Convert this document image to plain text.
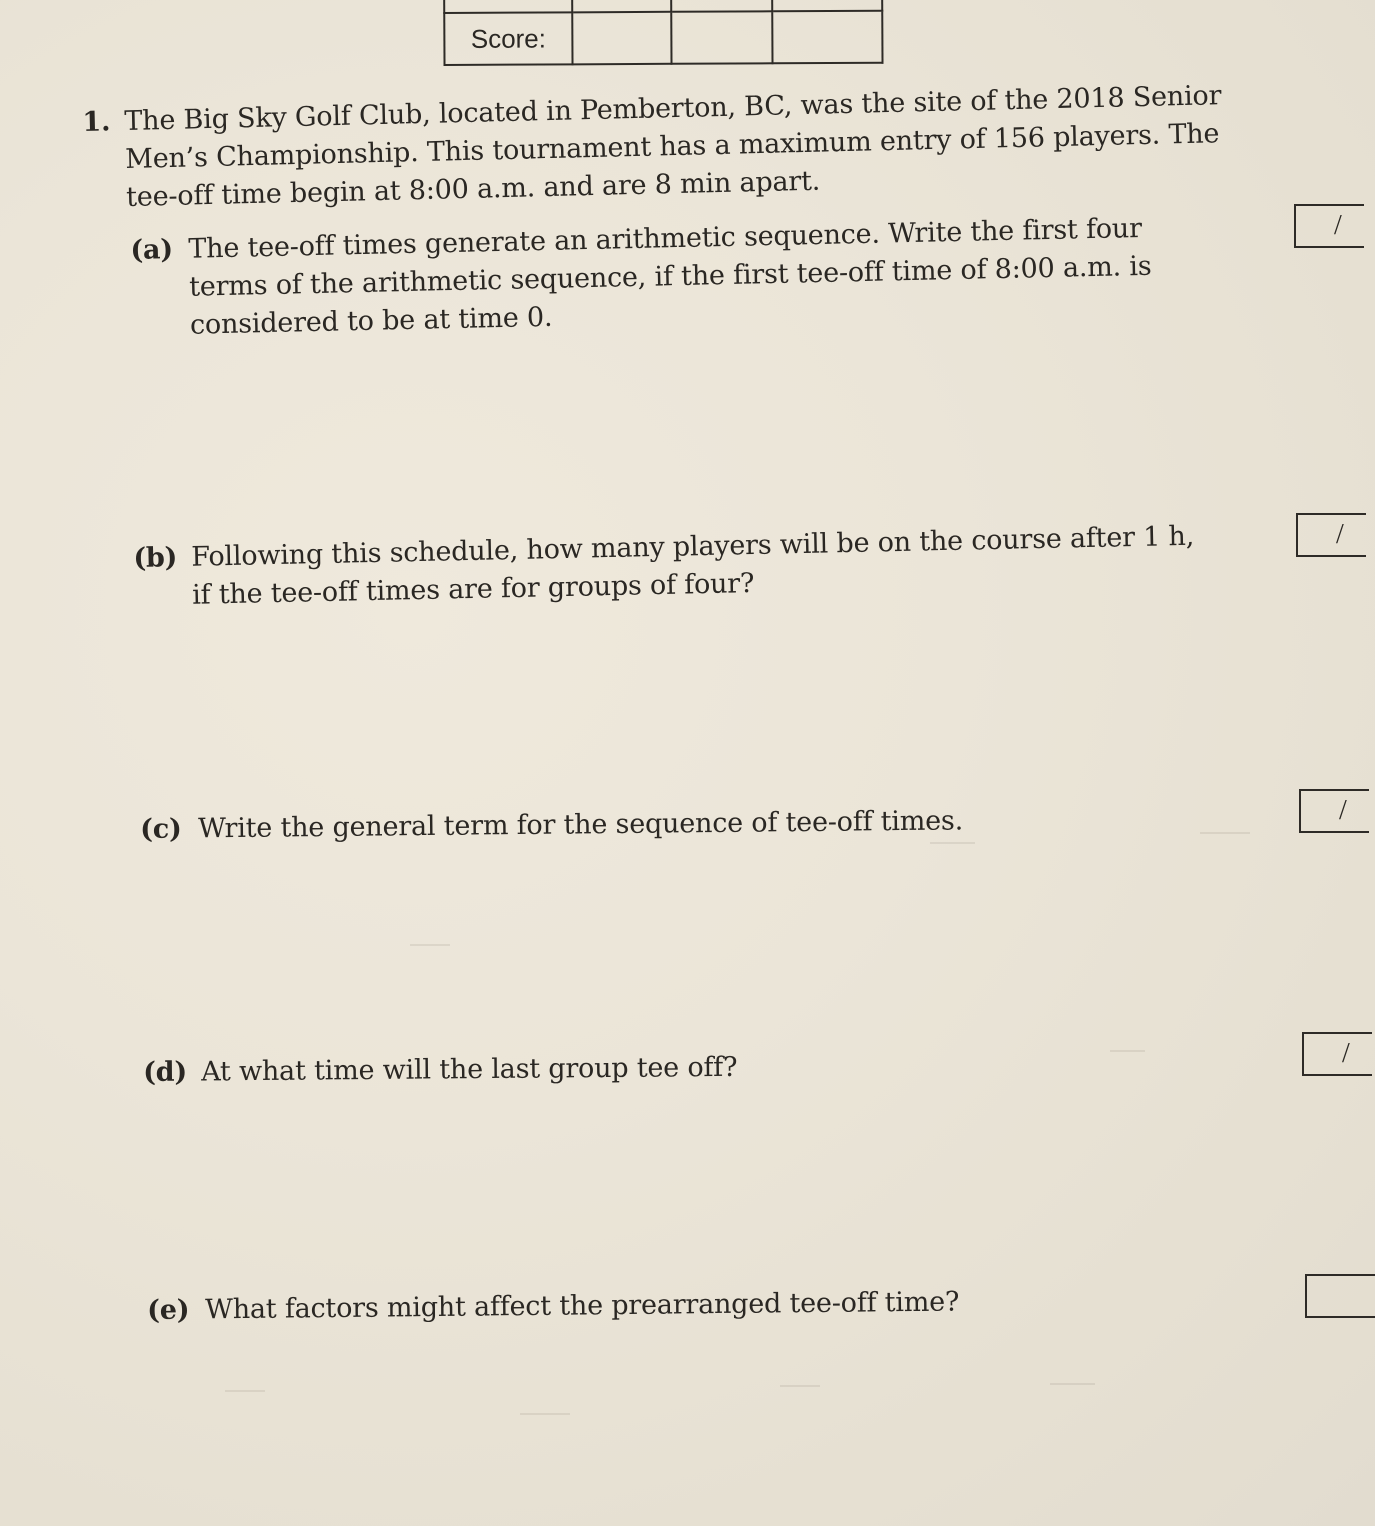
Score:			
1. The Big Sky Golf Club, located in Pemberton, BC, was the site of the 2018 Senior Men’s Championship. This tournament has a maximum entry of 156 players. The tee-off time begin at 8:00 a.m. and are 8 min apart.
(a) The tee-off times generate an arithmetic sequence. Write the first four terms of the arithmetic sequence, if the first tee-off time of 8:00 a.m. is considered to be at time 0.
/
(b) Following this schedule, how many players will be on the course after 1 h, if the tee-off times are for groups of four?
/
(c) Write the general term for the sequence of tee-off times.	/
(d) At what time will the last group tee off?	/
(e) What factors might affect the prearranged tee-off time?
